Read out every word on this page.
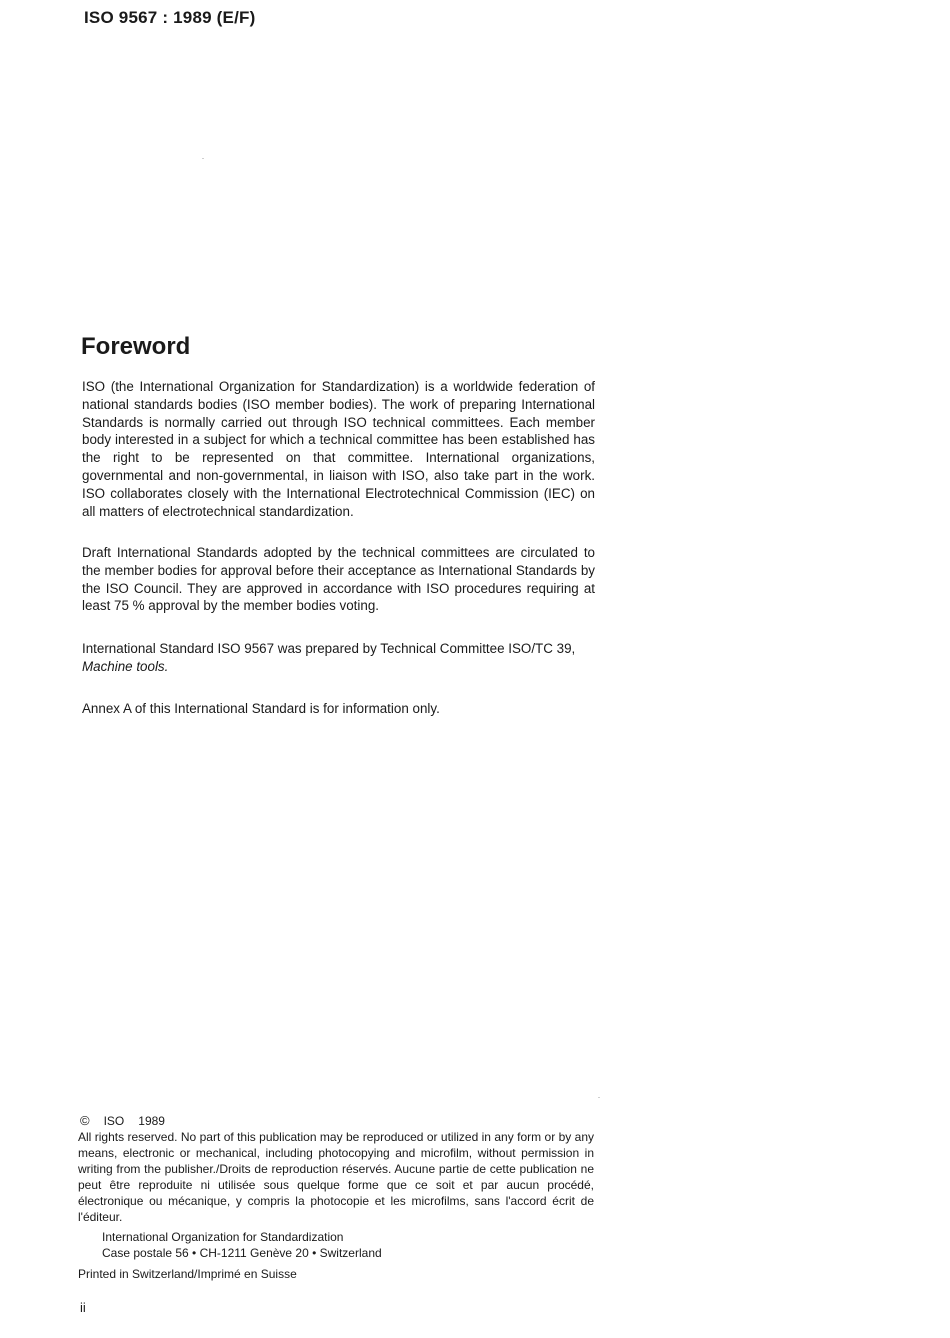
ISO 9567 : 1989 (E/F)
Foreword

ISO (the International Organization for Standardization) is a worldwide federation of national standards bodies (ISO member bodies). The work of preparing International Standards is normally carried out through ISO technical committees. Each member body interested in a subject for which a technical committee has been established has the right to be represented on that committee. International organizations, governmental and non-governmental, in liaison with ISO, also take part in the work. ISO collaborates closely with the International Electrotechnical Commission (IEC) on all matters of electrotechnical standardization.

Draft International Standards adopted by the technical committees are circulated to the member bodies for approval before their acceptance as International Standards by the ISO Council. They are approved in accordance with ISO procedures requiring at least 75 % approval by the member bodies voting.

International Standard ISO 9567 was prepared by Technical Committee ISO/TC 39,
Machine tools.

Annex A of this International Standard is for information only.

© ISO 1989

All rights reserved. No part of this publication may be reproduced or utilized in any form or by any means, electronic or mechanical, including photocopying and microfilm, without permission in writing from the publisher./Droits de reproduction réservés. Aucune partie de cette publication ne peut être reproduite ni utilisée sous quelque forme que ce soit et par aucun procédé, électronique ou mécanique, y compris la photocopie et les microfilms, sans l'accord écrit de l'éditeur.

International Organization for Standardization
Case postale 56 • CH-1211 Genève 20 • Switzerland
Printed in Switzerland/Imprimé en Suisse
ii
